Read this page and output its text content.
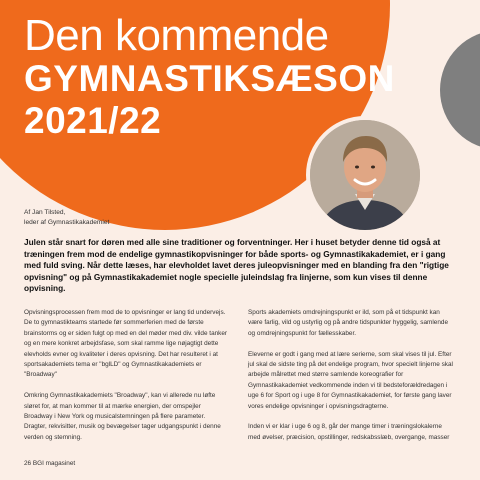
Den kommende
GYMNASTIKSÆSON
2021/22
Af Jan Tilsted,
leder af Gymnastikakademiet
Julen står snart for døren med alle sine traditioner og forventninger. Her i huset betyder denne tid også at træningen frem mod de endelige gymnastikopvisninger for både sports- og Gymnastikakademiet, er i gang med fuld sving. Når dette læses, har elevholdet lavet deres juleopvisninger med en blanding fra den "rigtige opvisning" og på Gymnastikakademiet nogle specielle juleindslag fra linjerne, som kun vises til denne opvisning.

Opvisningsprocessen frem mod de to opvisninger er lang tid undervejs. De to gymnastikteams startede før sommerferien med de første brainstorms og er siden fulgt op med en del møder med div. vilde tanker og en mere konkret arbejdsfase, som skal ramme lige nøjagtigt dette elevholds evner og kvaliteter i deres opvisning. Det har resulteret i at sportsakademiets tema er "bglLD" og Gymnastikakademiets er "Broadway"

Omkring Gymnastikakademiets "Broadway", kan vi allerede nu løfte sløret for, at man kommer til at mærke energien, der omspejler Broadway i New York og musicalstemningen på flere parameter. Dragter, rekvisitter, musik og bevægelser tager udgangspunkt i denne verden og stemning.

Sports akademiets omdrejningspunkt er ild, som på et tidspunkt kan være farlig, vild og ustyrlig og på andre tidspunkter hyggelig, samlende og omdrejningspunkt for fællesskaber.

Eleverne er godt i gang med at lære serierne, som skal vises til jul. Efter jul skal de sidste ting på det endelige program, hvor specielt linjerne skal arbejde målrettet med større samlende koreografier for Gymnastikakademiet vedkommende inden vi til bedsteforældredagen i uge 6 for Sport og i uge 8 for Gymnastikakademiet, for første gang laver vores endelige opvisninger i opvisningsdragterne.

Inden vi er klar i uge 6 og 8, går der mange timer i træningslokalerne med øvelser, præcision, opstillinger, redskabsslæb, overgange, masser

26 BGI magasinet
